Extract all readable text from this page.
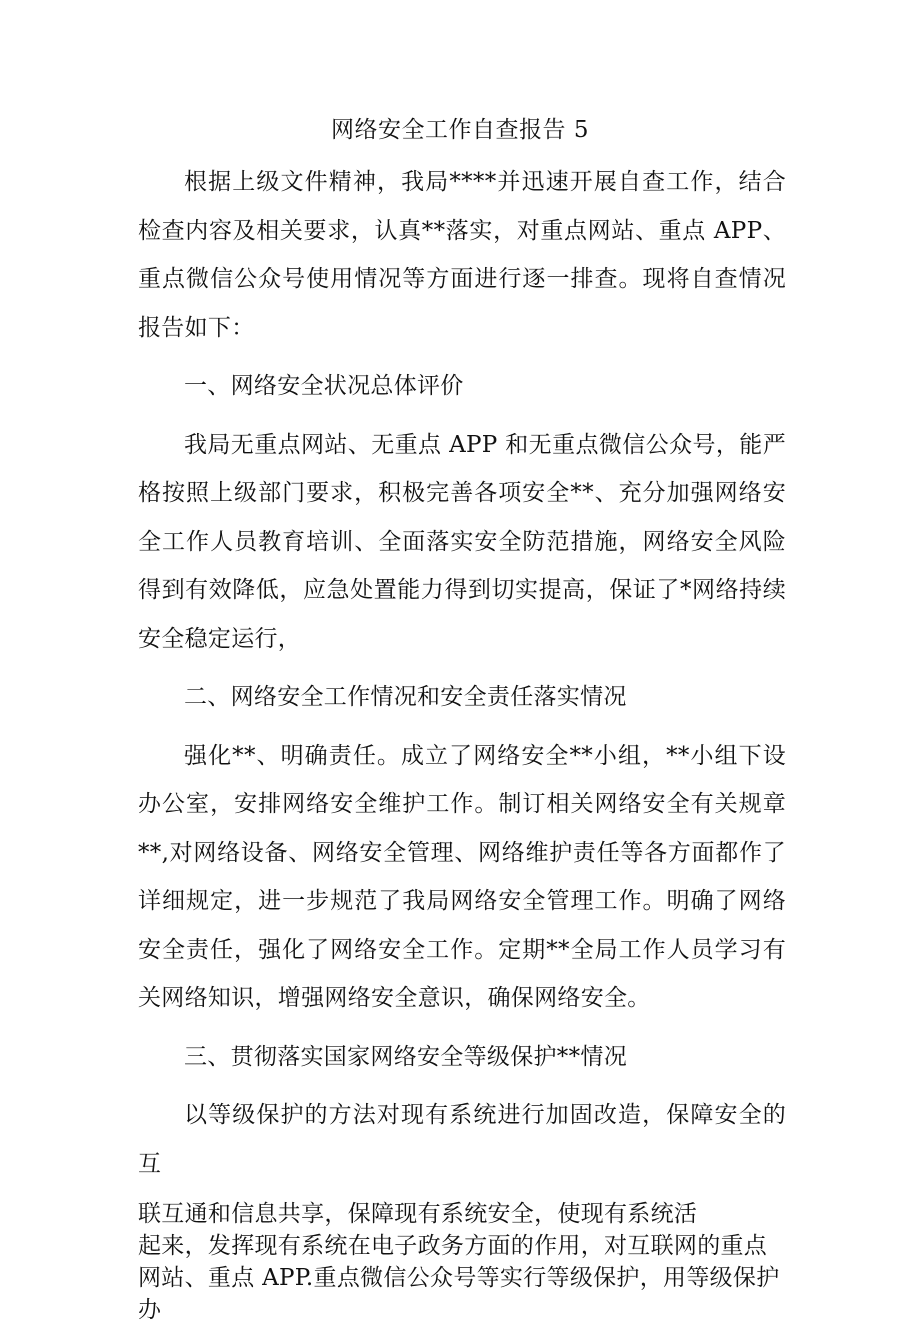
网络安全工作自查报告 5

根据上级文件精神，我局****并迅速开展自查工作，结合检查内容及相关要求，认真**落实，对重点网站、重点 APP、重点微信公众号使用情况等方面进行逐一排查。现将自查情况报告如下：

一、网络安全状况总体评价

我局无重点网站、无重点 APP 和无重点微信公众号，能严格按照上级部门要求，积极完善各项安全**、充分加强网络安全工作人员教育培训、全面落实安全防范措施，网络安全风险得到有效降低，应急处置能力得到切实提高，保证了*网络持续安全稳定运行，

二、网络安全工作情况和安全责任落实情况

强化**、明确责任。成立了网络安全**小组，**小组下设办公室，安排网络安全维护工作。制订相关网络安全有关规章**,对网络设备、网络安全管理、网络维护责任等各方面都作了详细规定，进一步规范了我局网络安全管理工作。明确了网络安全责任，强化了网络安全工作。定期**全局工作人员学习有关网络知识，增强网络安全意识，确保网络安全。

三、贯彻落实国家网络安全等级保护**情况

以等级保护的方法对现有系统进行加固改造，保障安全的互

联互通和信息共享，保障现有系统安全，使现有系统活

起来，发挥现有系统在电子政务方面的作用，对互联网的重点网站、重点 APP.重点微信公众号等实行等级保护，用等级保护办
